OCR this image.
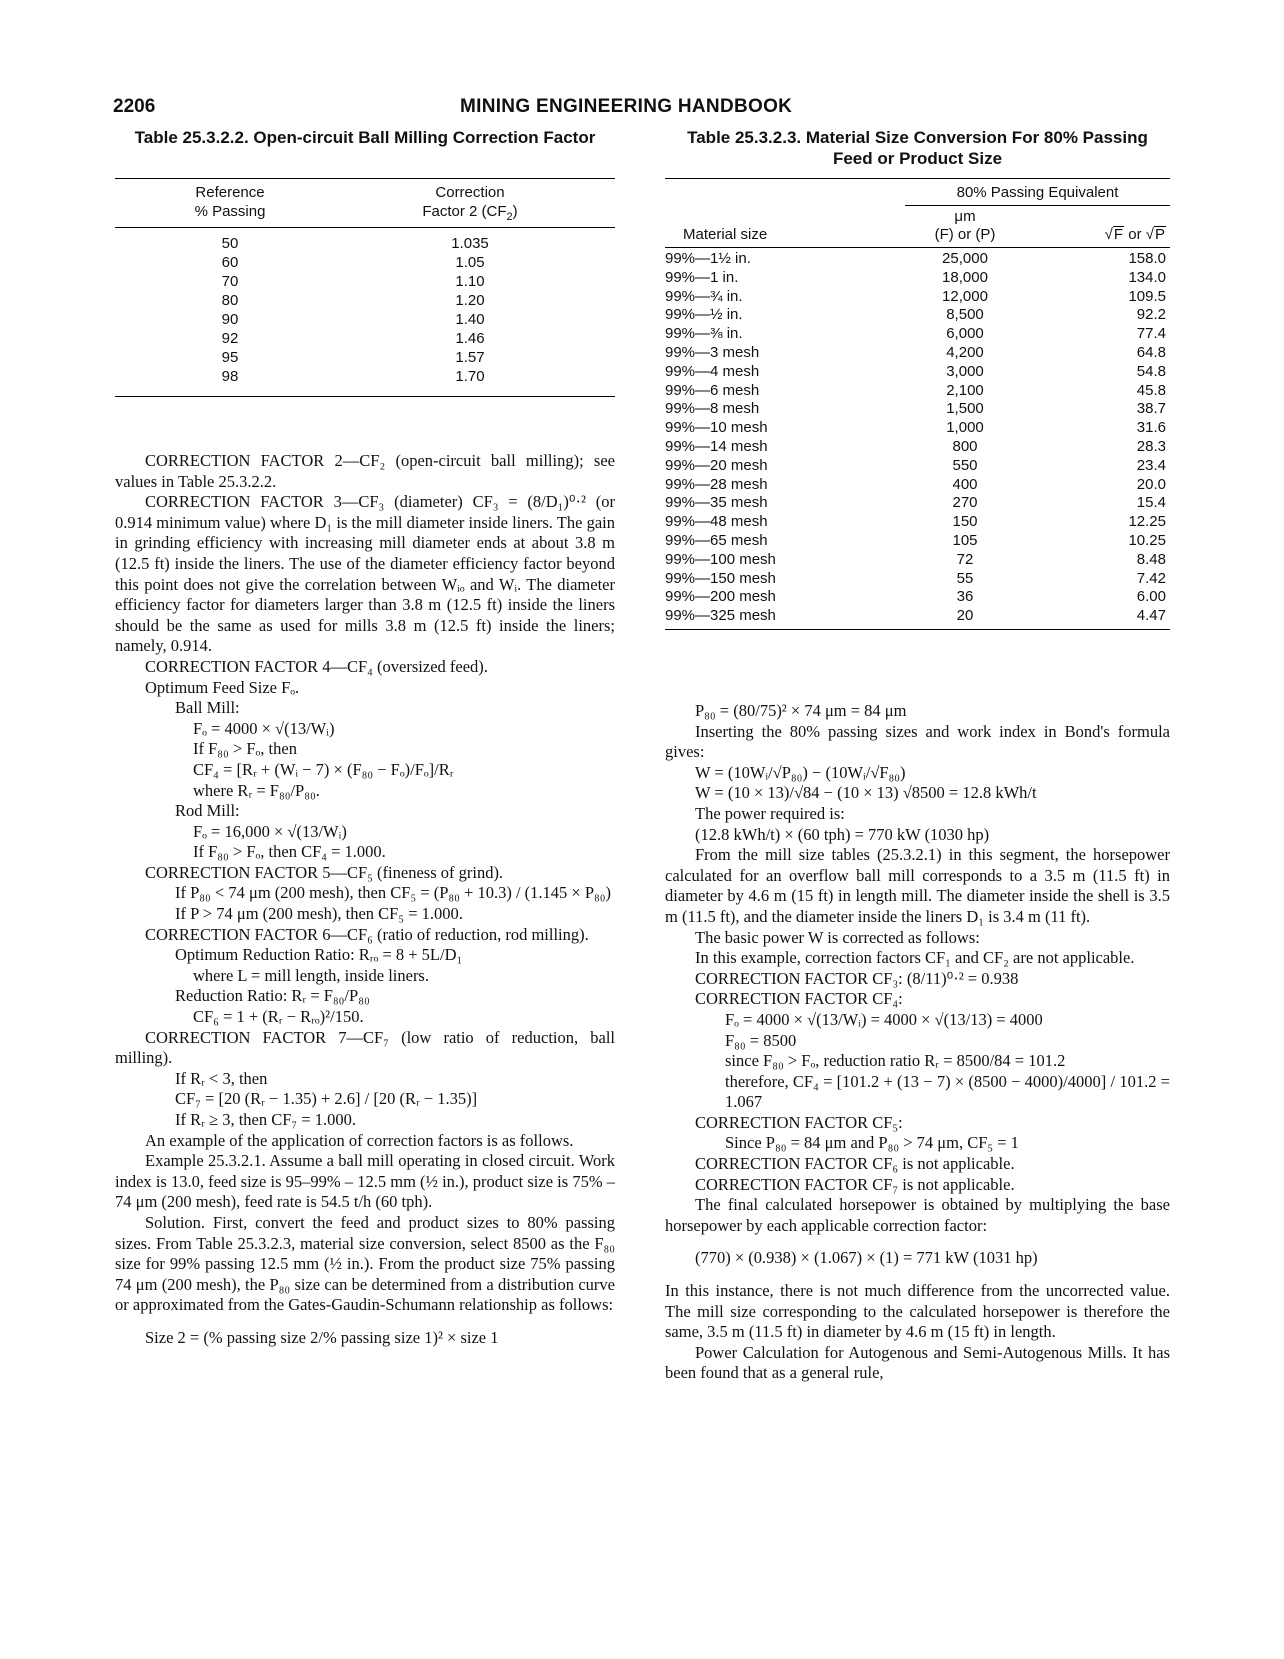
2206	MINING ENGINEERING HANDBOOK
Table 25.3.2.2. Open-circuit Ball Milling Correction Factor
Reference
% Passing
Correction
Factor 2 $(CF_2)$
50	1.035
60	1.05
70	1.10
80	1.20
90	1.40
92	1.46
95	1.57
98	1.70
Table 25.3.2.3. Material Size Conversion For 80% Passing Feed or Product Size
80% Passing Equivalent
Material size
μm
(F) or (P)	√F or √P
99%—1½ in.	25,000	158.0
99%—1 in.	18,000	134.0
99%—¾ in.	12,000	109.5
99%—½ in.	8,500	92.2
99%—⅜ in.	6,000	77.4
99%—3 mesh	4,200	64.8
99%—4 mesh	3,000	54.8
99%—6 mesh	2,100	45.8
99%—8 mesh	1,500	38.7
99%—10 mesh	1,000	31.6
99%—14 mesh	800	28.3
99%—20 mesh	550	23.4
99%—28 mesh	400	20.0
99%—35 mesh	270	15.4
99%—48 mesh	150	12.25
99%—65 mesh	105	10.25
99%—100 mesh	72	8.48
99%—150 mesh	55	7.42
99%—200 mesh	36	6.00
99%—325 mesh	20	4.47

CORRECTION FACTOR 2—CF₂ (open-circuit ball milling); see values in Table 25.3.2.2.

CORRECTION FACTOR 3—CF₃ (diameter) CF₃ = (8/D₁)⁰·² (or 0.914 minimum value) where D₁ is the mill diameter inside liners. The gain in grinding efficiency with increasing mill diameter ends at about 3.8 m (12.5 ft) inside the liners. The use of the diameter efficiency factor beyond this point does not give the correlation between Wᵢₒ and Wᵢ. The diameter efficiency factor for diameters larger than 3.8 m (12.5 ft) inside the liners should be the same as used for mills 3.8 m (12.5 ft) inside the liners; namely, 0.914.

CORRECTION FACTOR 4—CF₄ (oversized feed).

Optimum Feed Size Fₒ.

Ball Mill:

Fₒ = 4000 × √(13/Wᵢ)

If F₈₀ > Fₒ, then

CF₄ = [Rᵣ + (Wᵢ − 7) × (F₈₀ − Fₒ)/Fₒ]/Rᵣ

where Rᵣ = F₈₀/P₈₀.

Rod Mill:

Fₒ = 16,000 × √(13/Wᵢ)

If F₈₀ > Fₒ, then CF₄ = 1.000.

CORRECTION FACTOR 5—CF₅ (fineness of grind).

If P₈₀ < 74 μm (200 mesh), then CF₅ = (P₈₀ + 10.3) / (1.145 × P₈₀)

If P > 74 μm (200 mesh), then CF₅ = 1.000.

CORRECTION FACTOR 6—CF₆ (ratio of reduction, rod milling).

Optimum Reduction Ratio: Rᵣₒ = 8 + 5L/D₁

where L = mill length, inside liners.

Reduction Ratio: Rᵣ = F₈₀/P₈₀

CF₆ = 1 + (Rᵣ − Rᵣₒ)²/150.

CORRECTION FACTOR 7—CF₇ (low ratio of reduction, ball milling).

If Rᵣ < 3, then

CF₇ = [20 (Rᵣ − 1.35) + 2.6] / [20 (Rᵣ − 1.35)]

If Rᵣ ≥ 3, then CF₇ = 1.000.

An example of the application of correction factors is as follows.

Example 25.3.2.1. Assume a ball mill operating in closed circuit. Work index is 13.0, feed size is 95–99% – 12.5 mm (½ in.), product size is 75% –74 μm (200 mesh), feed rate is 54.5 t/h (60 tph).

Solution. First, convert the feed and product sizes to 80% passing sizes. From Table 25.3.2.3, material size conversion, select 8500 as the F₈₀ size for 99% passing 12.5 mm (½ in.). From the product size 75% passing 74 μm (200 mesh), the P₈₀ size can be determined from a distribution curve or approximated from the Gates-Gaudin-Schumann relationship as follows:

Size 2 = (% passing size 2/% passing size 1)² × size 1

P₈₀ = (80/75)² × 74 μm = 84 μm

Inserting the 80% passing sizes and work index in Bond's formula gives:

W = (10Wᵢ/√P₈₀) − (10Wᵢ/√F₈₀)

W = (10 × 13)/√84 − (10 × 13) √8500 = 12.8 kWh/t

The power required is:

(12.8 kWh/t) × (60 tph) = 770 kW (1030 hp)

From the mill size tables (25.3.2.1) in this segment, the horsepower calculated for an overflow ball mill corresponds to a 3.5 m (11.5 ft) in diameter by 4.6 m (15 ft) in length mill. The diameter inside the shell is 3.5 m (11.5 ft), and the diameter inside the liners D₁ is 3.4 m (11 ft).

The basic power W is corrected as follows:

In this example, correction factors CF₁ and CF₂ are not applicable.

CORRECTION FACTOR CF₃: (8/11)⁰·² = 0.938

CORRECTION FACTOR CF₄:

Fₒ = 4000 × √(13/Wᵢ) = 4000 × √(13/13) = 4000

F₈₀ = 8500

since F₈₀ > Fₒ, reduction ratio Rᵣ = 8500/84 = 101.2

therefore, CF₄ = [101.2 + (13 − 7) × (8500 − 4000)/4000] / 101.2 = 1.067

CORRECTION FACTOR CF₅:

Since P₈₀ = 84 μm and P₈₀ > 74 μm, CF₅ = 1

CORRECTION FACTOR CF₆ is not applicable.

CORRECTION FACTOR CF₇ is not applicable.

The final calculated horsepower is obtained by multiplying the base horsepower by each applicable correction factor:

(770) × (0.938) × (1.067) × (1) = 771 kW (1031 hp)

In this instance, there is not much difference from the uncorrected value. The mill size corresponding to the calculated horsepower is therefore the same, 3.5 m (11.5 ft) in diameter by 4.6 m (15 ft) in length.

Power Calculation for Autogenous and Semi-Autogenous Mills. It has been found that as a general rule,
